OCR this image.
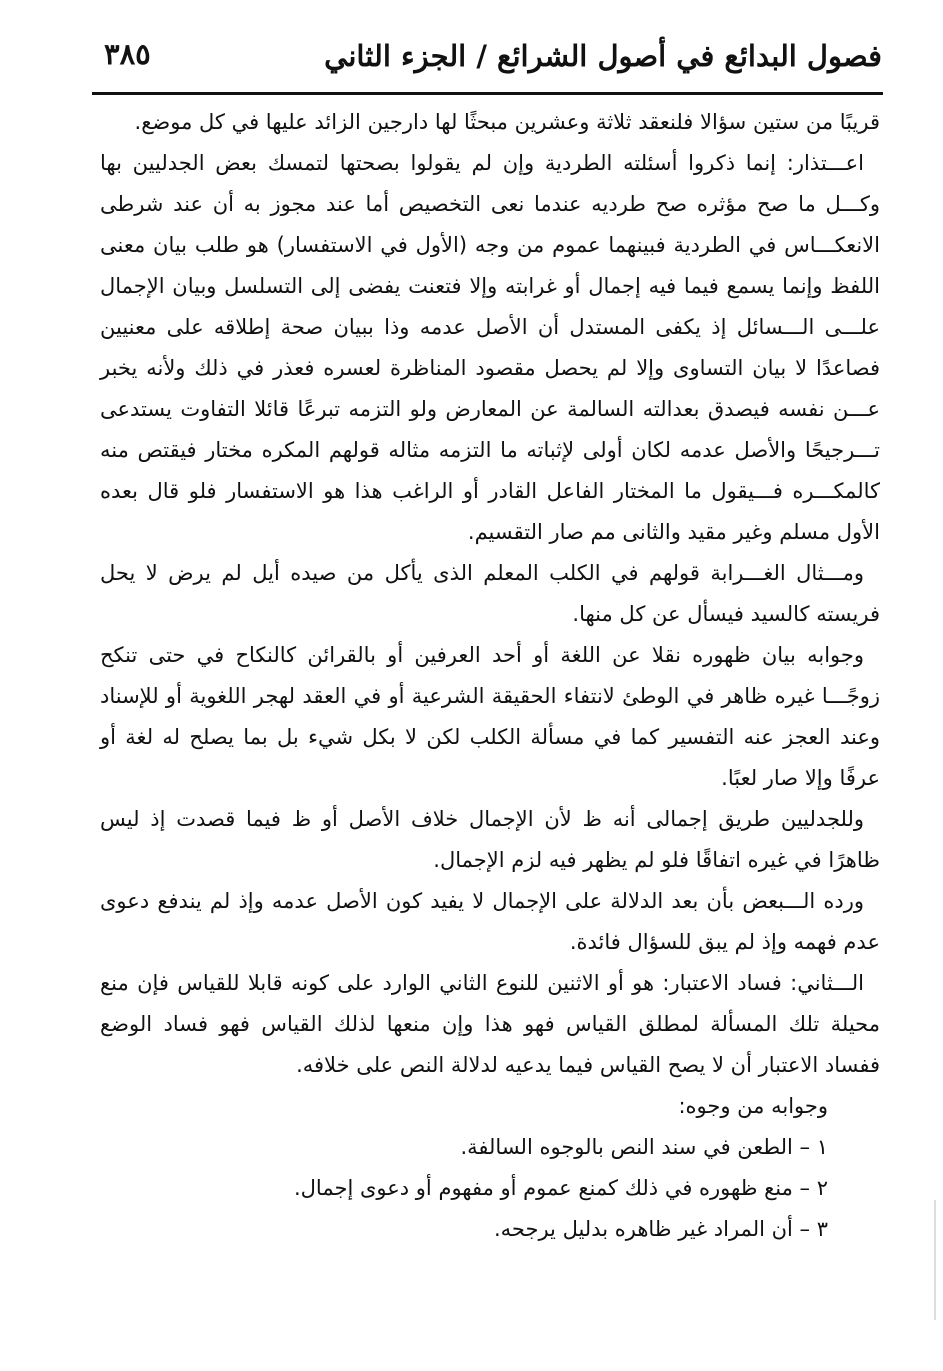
فصول البدائع في أصول الشرائع / الجزء الثاني
٣٨٥

قريبًا من ستين سؤالا فلنعقد ثلاثة وعشرين مبحثًا لها دارجين الزائد عليها في كل موضع.

اعـــتذار: إنما ذكروا أسئلته الطردية وإن لم يقولوا بصحتها لتمسك بعض الجدليين بها وكـــل ما صح مؤثره صح طرديه عندما نعى التخصيص أما عند مجوز به أن عند شرطى الانعكـــاس في الطردية فبينهما عموم من وجه (الأول في الاستفسار) هو طلب بيان معنى اللفظ وإنما يسمع فيما فيه إجمال أو غرابته وإلا فتعنت يفضى إلى التسلسل وبيان الإجمال علـــى الـــسائل إذ يكفى المستدل أن الأصل عدمه وذا ببيان صحة إطلاقه على معنيين فصاعدًا لا بيان التساوى وإلا لم يحصل مقصود المناظرة لعسره فعذر في ذلك ولأنه يخبر عـــن نفسه فيصدق بعدالته السالمة عن المعارض ولو التزمه تبرعًا قائلا التفاوت يستدعى تـــرجيحًا والأصل عدمه لكان أولى لإثباته ما التزمه مثاله قولهم المكره مختار فيقتص منه كالمكـــره فـــيقول ما المختار الفاعل القادر أو الراغب هذا هو الاستفسار فلو قال بعده الأول مسلم وغير مقيد والثانى مم صار التقسيم.

ومـــثال الغـــرابة قولهم في الكلب المعلم الذى يأكل من صيده أيل لم يرض لا يحل فريسته كالسيد فيسأل عن كل منها.

وجوابه بيان ظهوره نقلا عن اللغة أو أحد العرفين أو بالقرائن كالنكاح في حتى تنكح زوجًـــا غيره ظاهر في الوطئ لانتفاء الحقيقة الشرعية أو في العقد لهجر اللغوية أو للإسناد وعند العجز عنه التفسير كما في مسألة الكلب لكن لا بكل شيء بل بما يصلح له لغة أو عرفًا وإلا صار لعبًا.

وللجدليين طريق إجمالى أنه ظ لأن الإجمال خلاف الأصل أو ظ فيما قصدت إذ ليس ظاهرًا في غيره اتفاقًا فلو لم يظهر فيه لزم الإجمال.

ورده الـــبعض بأن بعد الدلالة على الإجمال لا يفيد كون الأصل عدمه وإذ لم يندفع دعوى عدم فهمه وإذ لم يبق للسؤال فائدة.

الـــثاني: فساد الاعتبار: هو أو الاثنين للنوع الثاني الوارد على كونه قابلا للقياس فإن منع محيلة تلك المسألة لمطلق القياس فهو هذا وإن منعها لذلك القياس فهو فساد الوضع ففساد الاعتبار أن لا يصح القياس فيما يدعيه لدلالة النص على خلافه.

وجوابه من وجوه:

١ – الطعن في سند النص بالوجوه السالفة.

٢ – منع ظهوره في ذلك كمنع عموم أو مفهوم أو دعوى إجمال.

٣ – أن المراد غير ظاهره بدليل يرجحه.
